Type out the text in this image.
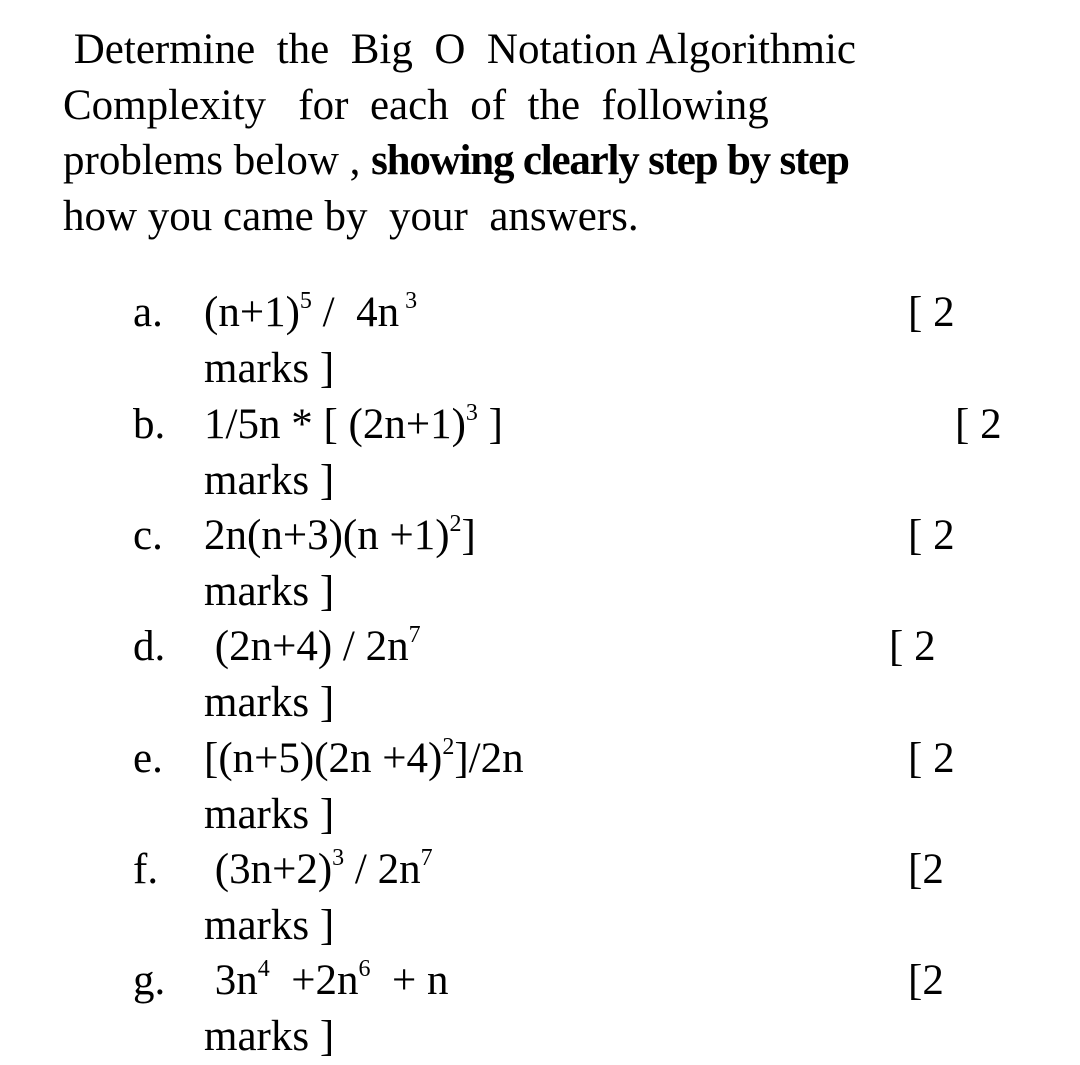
Determine  the  Big  O  Notation Algorithmic
Complexity   for  each  of  the  following
problems below , showing clearly step by step
how you came by  your  answers.
a. $(n+1)^5 / 4n$ $^3$	[ 2
marks ]
b. 1/5n * [ $(2n+1)^3$ ]	[ 2
marks ]
c. $2n(n+3)(n +1)^2$]	[ 2
marks ]
d. $(2n+4) / 2n^7$	[ 2
marks ]
e. $[(n+5)(2n +4)^2]/2n$	[ 2
marks ]
f. $(3n+2)^3 / 2n^7$	[2
marks ]
g. $3n^4 +2n^6 + n$	[2
marks ]
